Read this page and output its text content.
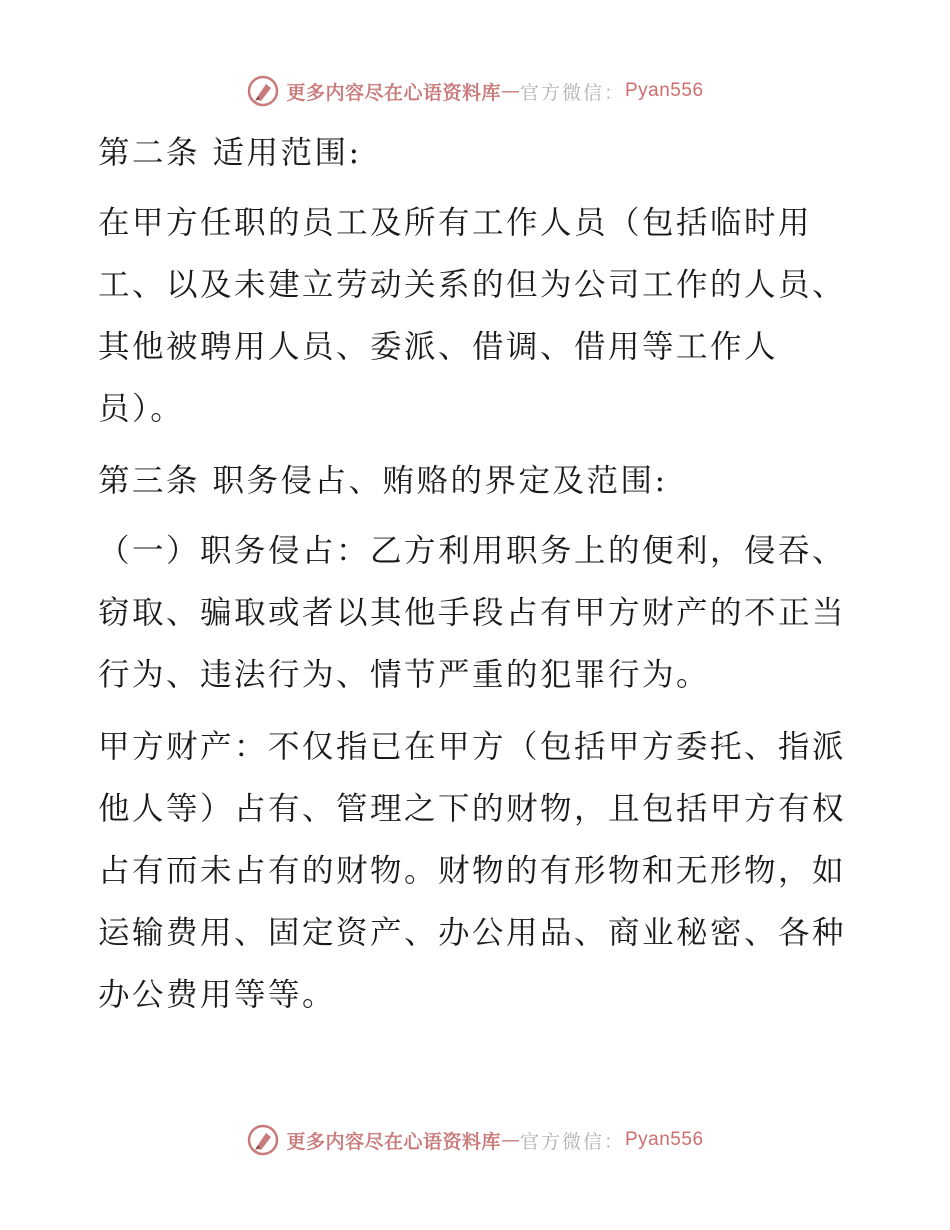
更多内容尽在心语资料库 — 官方微信： Pyan556

第二条 适用范围:

在甲方任职的员工及所有工作人员（包括临时用工、以及未建立劳动关系的但为公司工作的人员、其他被聘用人员、委派、借调、借用等工作人员）。

第三条 职务侵占、贿赂的界定及范围:

（一）职务侵占：乙方利用职务上的便利，侵吞、窃取、骗取或者以其他手段占有甲方财产的不正当行为、违法行为、情节严重的犯罪行为。

甲方财产：不仅指已在甲方（包括甲方委托、指派他人等）占有、管理之下的财物，且包括甲方有权占有而未占有的财物。财物的有形物和无形物，如运输费用、固定资产、办公用品、商业秘密、各种办公费用等等。

更多内容尽在心语资料库 — 官方微信： Pyan556
